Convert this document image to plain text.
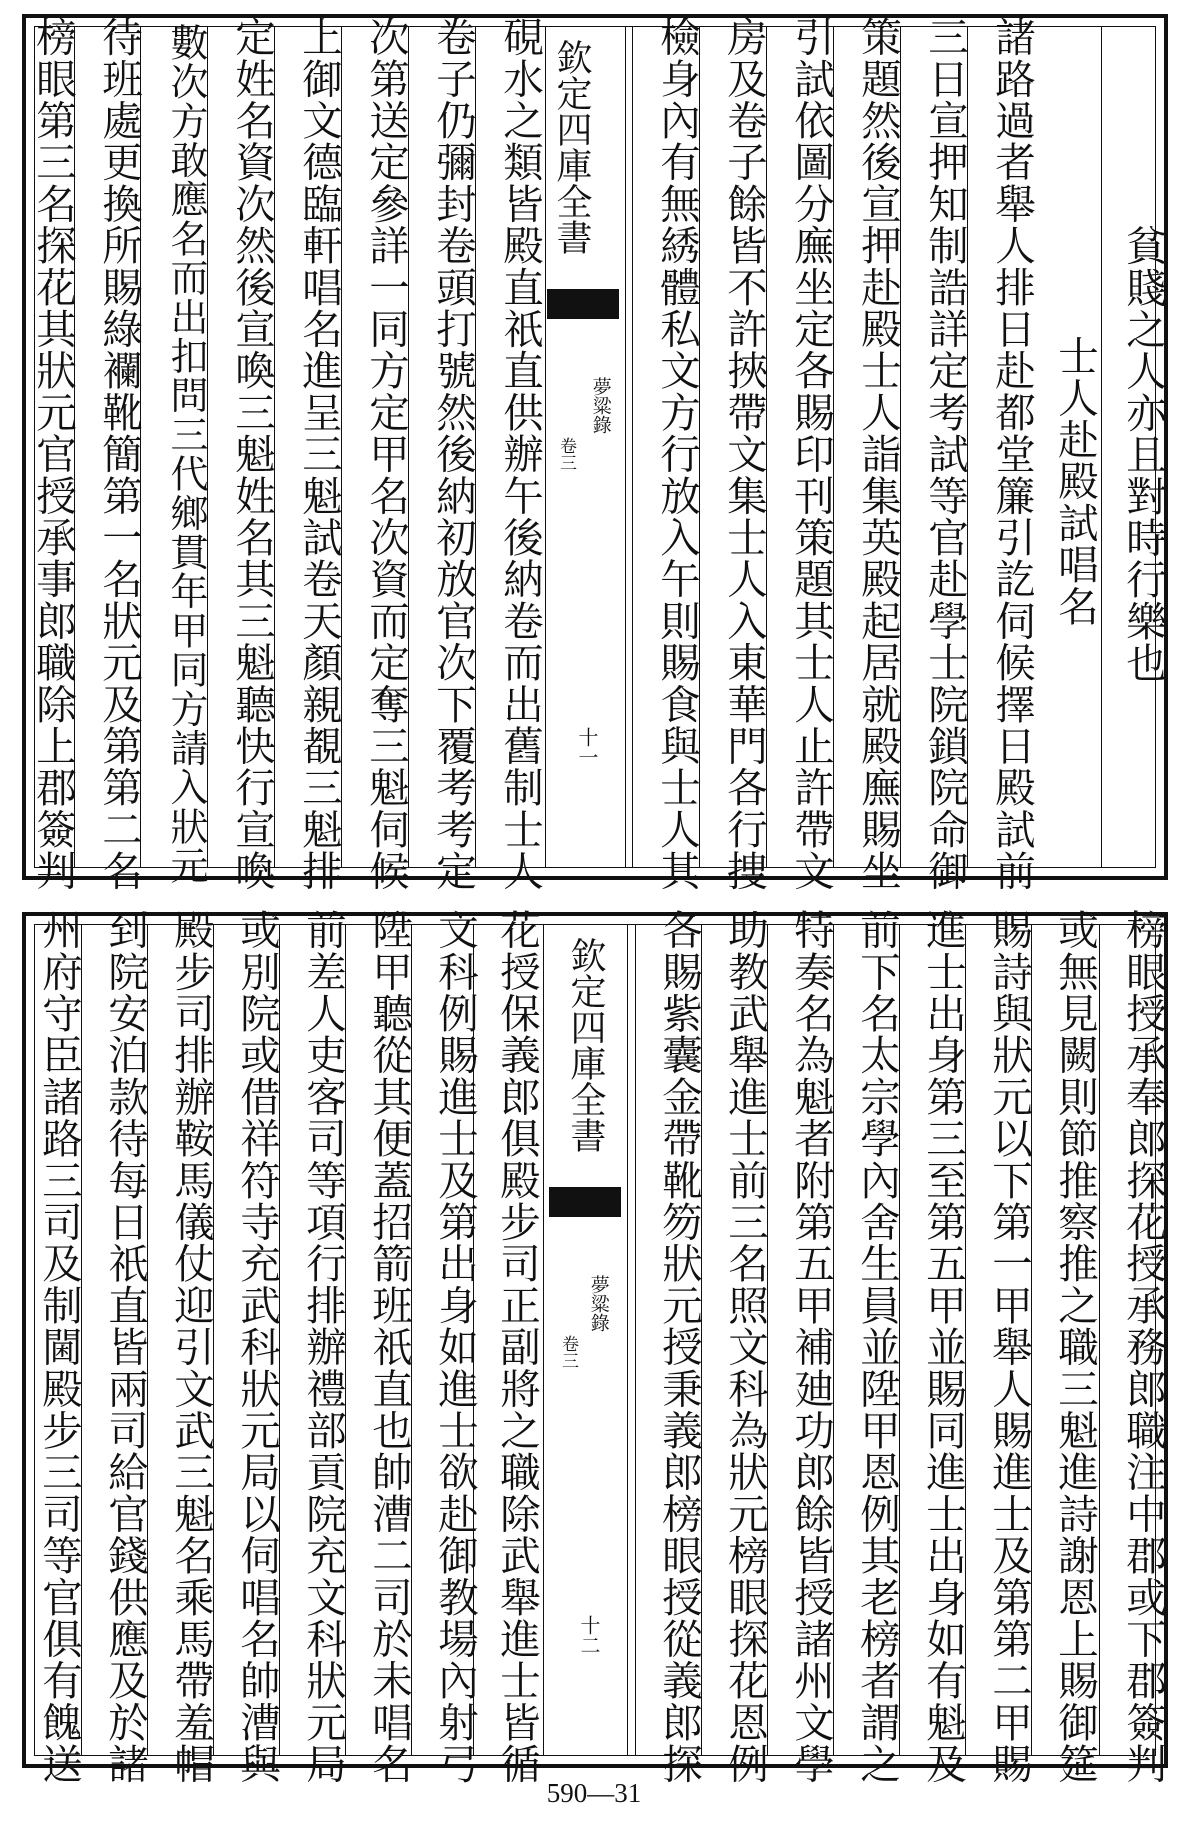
貧賤之人亦且對時行樂也
士人赴殿試唱名
諸路過者舉人排日赴都堂簾引訖伺候擇日殿試前
三日宣押知制誥詳定考試等官赴學士院鎖院命御
策題然後宣押赴殿士人詣集英殿起居就殿廡賜坐
引試依圖分廡坐定各賜印刊策題其士人止許帶文
房及卷子餘皆不許挾帶文集士人入東華門各行捜
檢身內有無綉體私文方行放入午則賜食與士人其
欽定四庫全書
夢粱錄
卷三
十一
硯水之類皆殿直祇直供辦午後納卷而出舊制士人
卷子仍彌封卷頭打號然後納初放官次下覆考考定
次第送定參詳一同方定甲名次資而定奪三魁伺候
上御文德臨軒唱名進呈三魁試卷天顏親覩三魁排
定姓名資次然後宣喚三魁姓名其三魁聽快行宣喚
數次方敢應名而出扣問三代鄉貫年甲同方請入狀元
待班處更換所賜綠襴靴簡第一名狀元及第第二名
榜眼第三名探花其狀元官授承事郎職除上郡簽判
榜眼授承奉郎探花授承務郎職注中郡或下郡簽判
或無見闕則節推察推之職三魁進詩謝恩上賜御筵
賜詩與狀元以下第一甲舉人賜進士及第第二甲賜
進士出身第三至第五甲並賜同進士出身如有魁及
前下名太宗學內舍生員並陞甲恩例其老榜者謂之
特奏名為魁者附第五甲補廸功郎餘皆授諸州文學
助教武舉進士前三名照文科為狀元榜眼探花恩例
各賜紫囊金帶靴笏狀元授秉義郎榜眼授從義郎探
花授保義郎俱殿步司正副將之職除武舉進士皆循
文科例賜進士及第出身如進士欲赴御教場內射弓
陞甲聽從其便蓋招箭班祇直也帥漕二司於未唱名
前差人吏客司等項行排辦禮部貢院充文科狀元局
或別院或借祥符寺充武科狀元局以伺唱名帥漕與
殿步司排辦鞍馬儀仗迎引文武三魁名乘馬帶羞帽
到院安泊款待每日祇直皆兩司給官錢供應及於諸
州府守臣諸路三司及制閫殿步三司等官俱有餽送	欽定四庫全書
夢粱錄
卷三
十二
590—31
